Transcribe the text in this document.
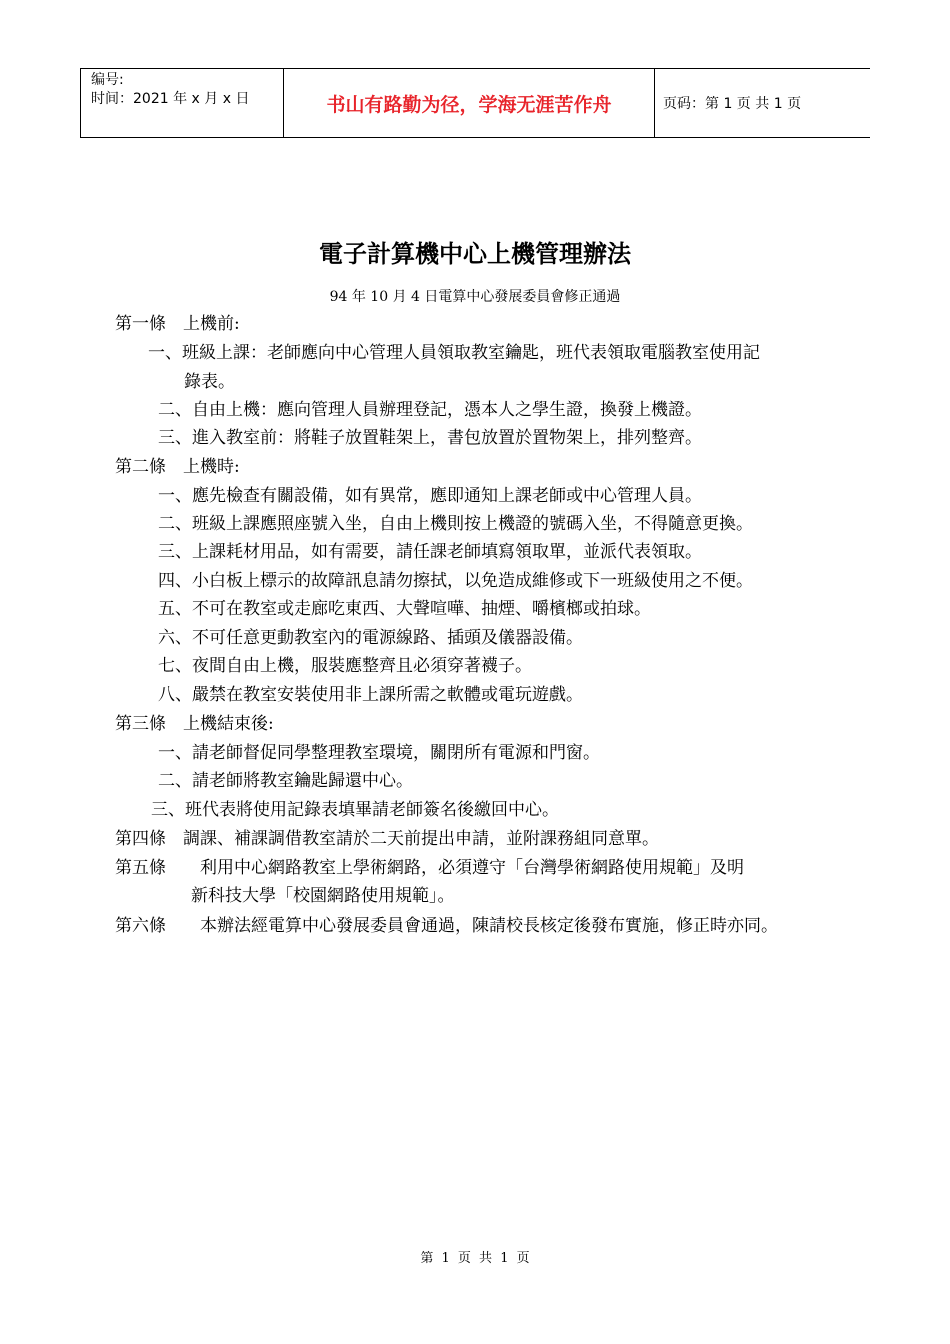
编号:
时间：2021 年 x 月 x 日	书山有路勤为径，学海无涯苦作舟	页码：第 1 页 共 1 页
電子計算機中心上機管理辦法
94 年 10 月 4 日電算中心發展委員會修正通過
第一條　上機前:
一、班級上課：老師應向中心管理人員領取教室鑰匙，班代表領取電腦教室使用記
錄表。
二、自由上機：應向管理人員辦理登記，憑本人之學生證，換發上機證。
三、進入教室前：將鞋子放置鞋架上，書包放置於置物架上，排列整齊。
第二條　上機時:
一、應先檢查有關設備，如有異常，應即通知上課老師或中心管理人員。
二、班級上課應照座號入坐，自由上機則按上機證的號碼入坐，不得隨意更換。
三、上課耗材用品，如有需要，請任課老師填寫領取單，並派代表領取。
四、小白板上標示的故障訊息請勿擦拭，以免造成維修或下一班級使用之不便。
五、不可在教室或走廊吃東西、大聲喧嘩、抽煙、嚼檳榔或拍球。
六、不可任意更動教室內的電源線路、插頭及儀器設備。
七、夜間自由上機，服裝應整齊且必須穿著襪子。
八、嚴禁在教室安裝使用非上課所需之軟體或電玩遊戲。
第三條　上機結束後:
一、請老師督促同學整理教室環境，關閉所有電源和門窗。
二、請老師將教室鑰匙歸還中心。
三、班代表將使用記錄表填畢請老師簽名後繳回中心。
第四條　調課、補課調借教室請於二天前提出申請，並附課務組同意單。
第五條　　利用中心網路教室上學術網路，必須遵守「台灣學術網路使用規範」及明
新科技大學「校園網路使用規範」。
第六條　　本辦法經電算中心發展委員會通過，陳請校長核定後發布實施，修正時亦同。
第 1 页 共 1 页
